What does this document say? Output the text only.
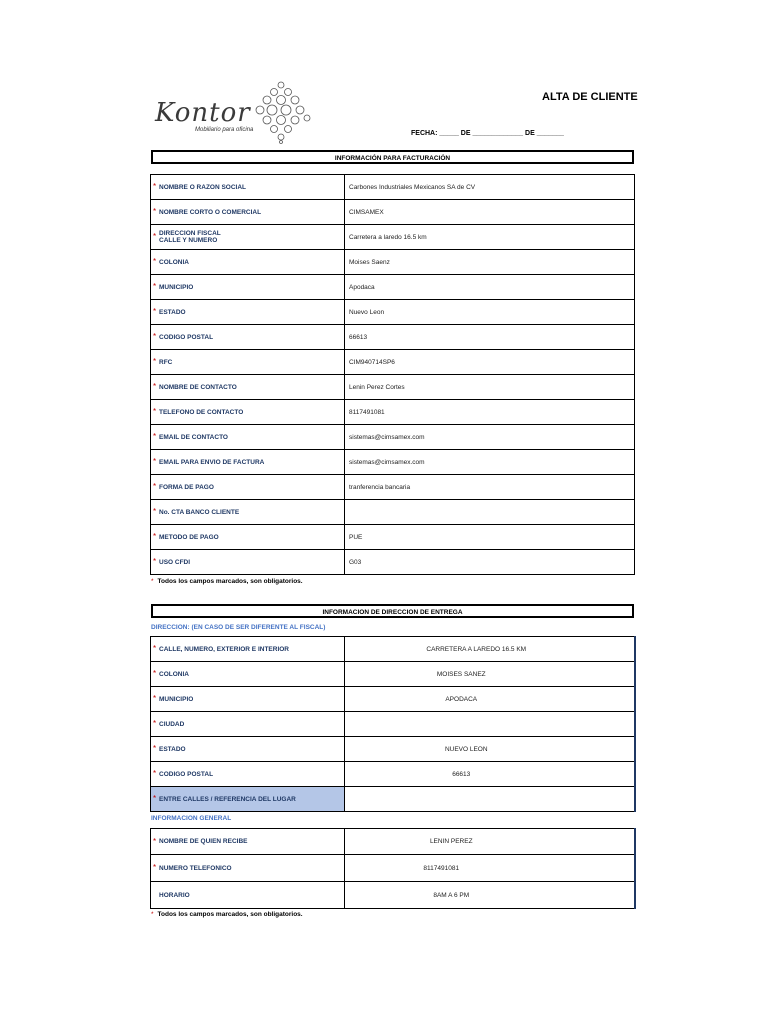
Kontor
Mobiliario para oficina
ALTA DE CLIENTE
FECHA: _____ DE _____________ DE _______
INFORMACIÓN PARA FACTURACIÓN
* NOMBRE O RAZON SOCIAL	Carbones Industriales Mexicanos SA de CV

* NOMBRE CORTO O COMERCIAL	CIMSAMEX

* DIRECCION FISCAL
CALLE Y NUMERO	Carretera a laredo 16.5 km

* COLONIA	Moises Saenz

* MUNICIPIO	Apodaca

* ESTADO	Nuevo Leon

* CODIGO POSTAL	66613

* RFC	CIM940714SP6

* NOMBRE DE CONTACTO	Lenin Perez Cortes

* TELEFONO DE CONTACTO	8117491081

* EMAIL DE CONTACTO	sistemas@cimsamex.com

* EMAIL PARA ENVIO DE FACTURA	sistemas@cimsamex.com

* FORMA DE PAGO	tranferencia bancaria

* No. CTA BANCO CLIENTE	

* METODO DE PAGO	PUE

* USO CFDI	G03
* Todos los campos marcados, son obligatorios.
INFORMACION DE DIRECCION DE ENTREGA
DIRECCION: (EN CASO DE SER DIFERENTE AL FISCAL)
* CALLE, NUMERO, EXTERIOR E INTERIOR	CARRETERA A LAREDO 16.5 KM

* COLONIA	MOISES SANEZ

* MUNICIPIO	APODACA

* CIUDAD	

* ESTADO	NUEVO LEON

* CODIGO POSTAL	66613

* ENTRE CALLES / REFERENCIA DEL LUGAR	

INFORMACION GENERAL
* NOMBRE DE QUIEN RECIBE	LENIN PEREZ

* NUMERO TELEFONICO	8117491081

HORARIO	8AM A 6 PM
* Todos los campos marcados, son obligatorios.
